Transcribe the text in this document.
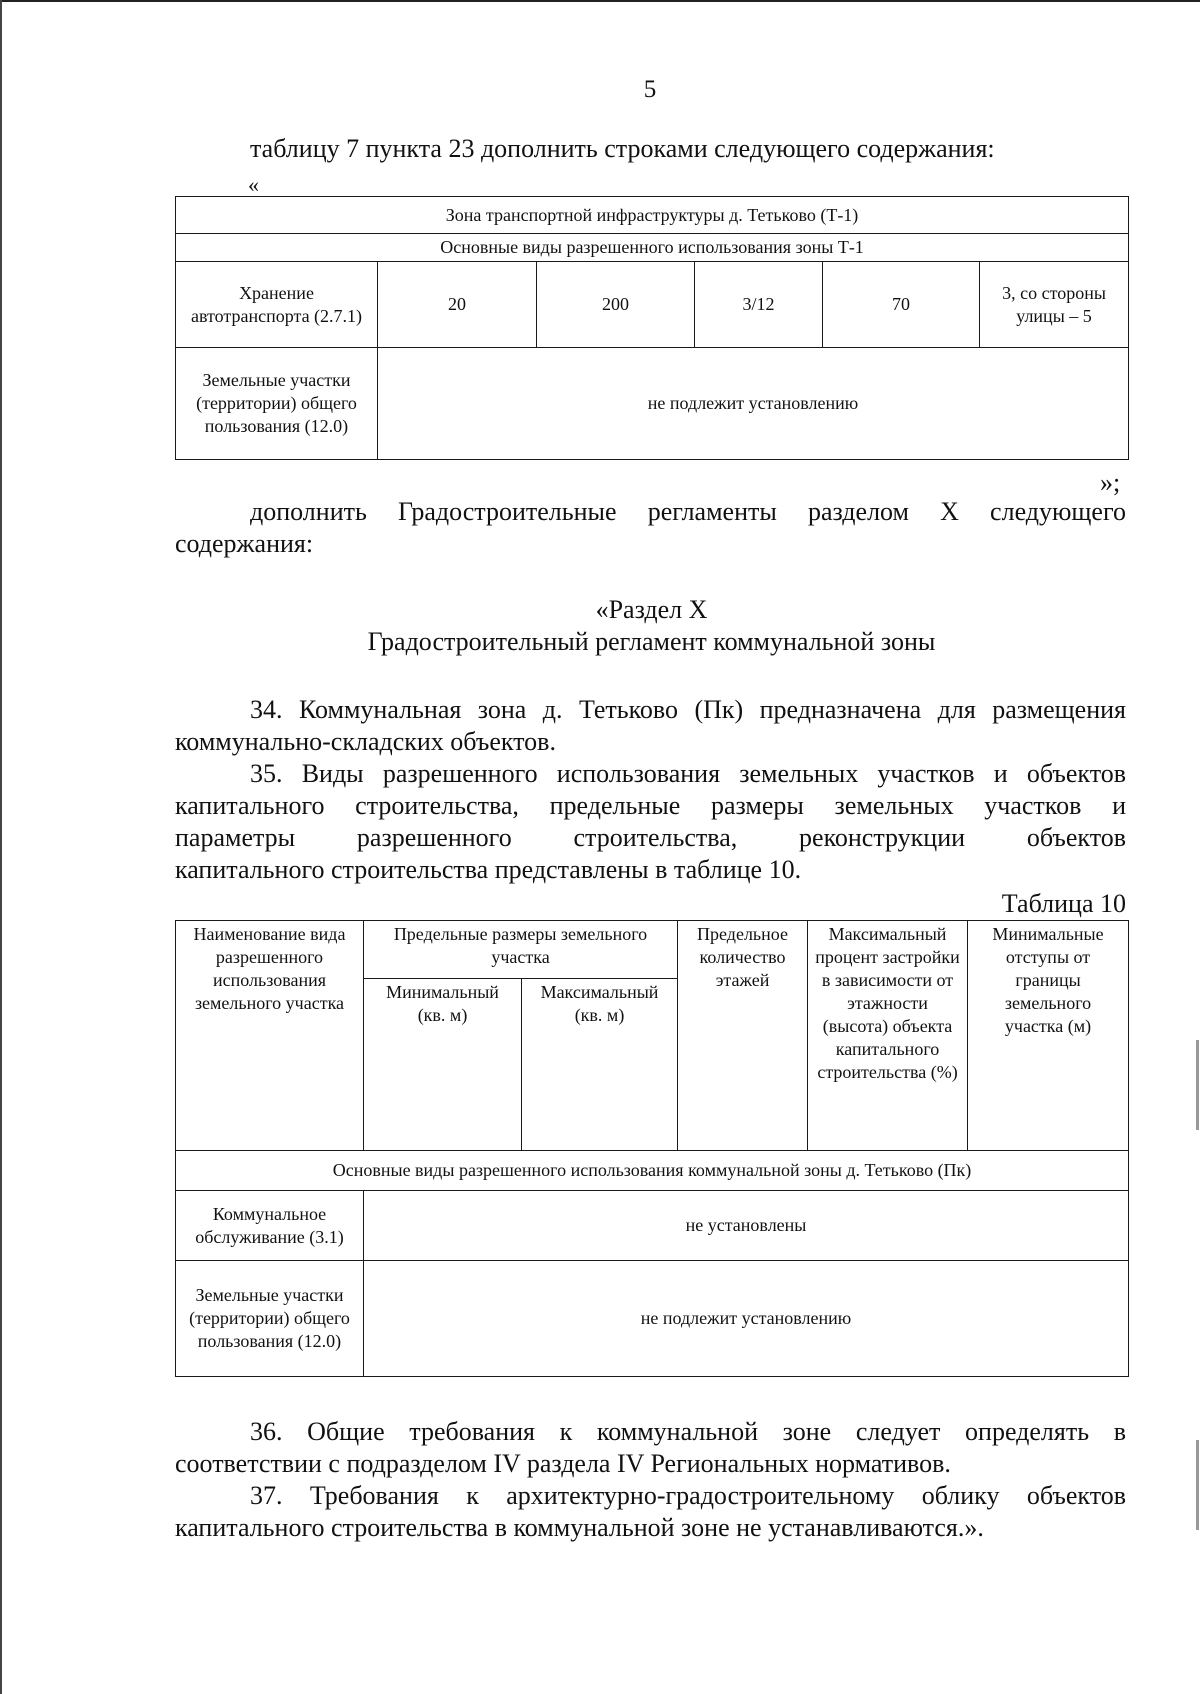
5
таблицу 7 пункта 23 дополнить строками следующего содержания:
«
Зона транспортной инфраструктуры д. Тетьково (Т-1)					
Основные виды разрешенного использования зоны Т-1					
Хранение автотранспорта (2.7.1)	20	200	3/12	70	3, со стороны улицы – 5
Земельные участки (территории) общего пользования (12.0)	не подлежит установлению				
»;
дополнить Градостроительные регламенты разделом X следующего
содержания:
«Раздел X
Градостроительный регламент коммунальной зоны
34. Коммунальная зона д. Тетьково (Пк) предназначена для размещения
коммунально-складских объектов.
35. Виды разрешенного использования земельных участков и объектов
капитального строительства, предельные размеры земельных участков и
параметры разрешенного строительства, реконструкции объектов
капитального строительства представлены в таблице 10.
Таблица 10
Наименование вида разрешенного использования земельного участка	Предельные размеры земельного участка		Предельное количество этажей	Максимальный процент застройки в зависимости от этажности (высота) объекта капитального строительства (%)	Минимальные отступы от границы земельного участка (м)
	Минимальный (кв. м)	Максимальный (кв. м)			
Основные виды разрешенного использования коммунальной зоны д. Тетьково (Пк)					
Коммунальное обслуживание (3.1)	не установлены				
Земельные участки (территории) общего пользования (12.0)	не подлежит установлению				
36. Общие требования к коммунальной зоне следует определять в
соответствии с подразделом IV раздела IV Региональных нормативов.
37. Требования к архитектурно-градостроительному облику объектов
капитального строительства в коммунальной зоне не устанавливаются.».
